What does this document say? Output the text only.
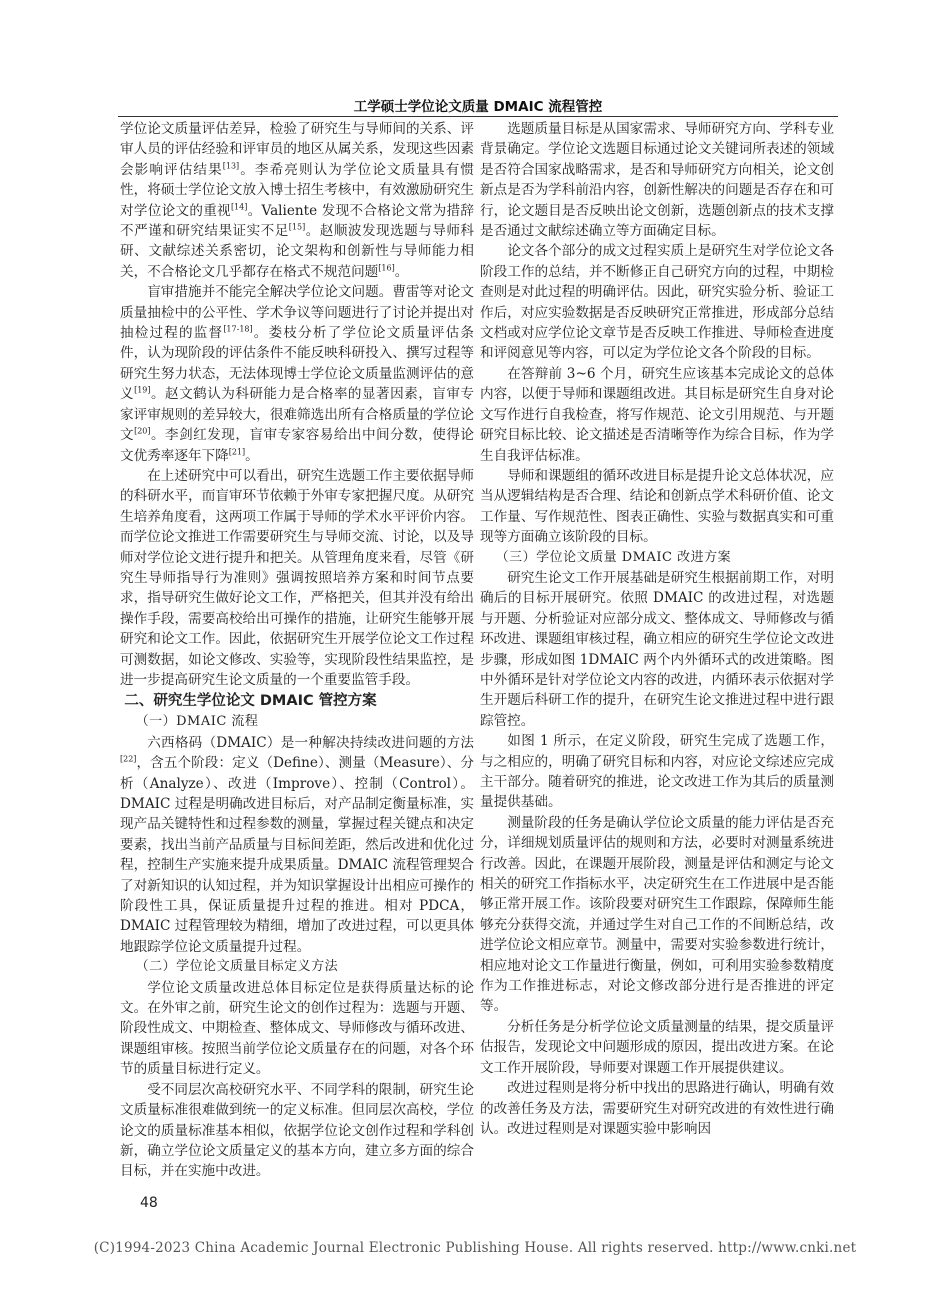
工学硕士学位论文质量 DMAIC 流程管控

学位论文质量评估差异，检验了研究生与导师间的关系、评审人员的评估经验和评审员的地区从属关系，发现这些因素会影响评估结果[13]。李希亮则认为学位论文质量具有惯性，将硕士学位论文放入博士招生考核中，有效激励研究生对学位论文的重视[14]。Valiente 发现不合格论文常为措辞不严谨和研究结果证实不足[15]。赵顺波发现选题与导师科研、文献综述关系密切，论文架构和创新性与导师能力相关，不合格论文几乎都存在格式不规范问题[16]。

盲审措施并不能完全解决学位论文问题。曹雷等对论文质量抽检中的公平性、学术争议等问题进行了讨论并提出对抽检过程的监督[17-18]。娄枝分析了学位论文质量评估条件，认为现阶段的评估条件不能反映科研投入、撰写过程等研究生努力状态，无法体现博士学位论文质量监测评估的意义[19]。赵文鹤认为科研能力是合格率的显著因素，盲审专家评审规则的差异较大，很难筛选出所有合格质量的学位论文[20]。李剑红发现，盲审专家容易给出中间分数，使得论文优秀率逐年下降[21]。

在上述研究中可以看出，研究生选题工作主要依据导师的科研水平，而盲审环节依赖于外审专家把握尺度。从研究生培养角度看，这两项工作属于导师的学术水平评价内容。而学位论文推进工作需要研究生与导师交流、讨论，以及导师对学位论文进行提升和把关。从管理角度来看，尽管《研究生导师指导行为准则》强调按照培养方案和时间节点要求，指导研究生做好论文工作，严格把关，但其并没有给出操作手段，需要高校给出可操作的措施，让研究生能够开展研究和论文工作。因此，依据研究生开展学位论文工作过程可测数据，如论文修改、实验等，实现阶段性结果监控，是进一步提高研究生论文质量的一个重要监管手段。

二、研究生学位论文 DMAIC 管控方案
（一）DMAIC 流程

六西格码（DMAIC）是一种解决持续改进问题的方法[22]，含五个阶段：定义（Define）、测量（Measure）、分析（Analyze）、改进（Improve）、控制（Control）。DMAIC 过程是明确改进目标后，对产品制定衡量标准，实现产品关键特性和过程参数的测量，掌握过程关键点和决定要素，找出当前产品质量与目标间差距，然后改进和优化过程，控制生产实施来提升成果质量。DMAIC 流程管理契合了对新知识的认知过程，并为知识掌握设计出相应可操作的阶段性工具，保证质量提升过程的推进。相对 PDCA，DMAIC 过程管理较为精细，增加了改进过程，可以更具体地跟踪学位论文质量提升过程。

（二）学位论文质量目标定义方法

学位论文质量改进总体目标定位是获得质量达标的论文。在外审之前，研究生论文的创作过程为：选题与开题、阶段性成文、中期检查、整体成文、导师修改与循环改进、课题组审核。按照当前学位论文质量存在的问题，对各个环节的质量目标进行定义。

受不同层次高校研究水平、不同学科的限制，研究生论文质量标准很难做到统一的定义标准。但同层次高校，学位论文的质量标准基本相似，依据学位论文创作过程和学科创新，确立学位论文质量定义的基本方向，建立多方面的综合目标，并在实施中改进。

选题质量目标是从国家需求、导师研究方向、学科专业背景确定。学位论文选题目标通过论文关键词所表述的领域是否符合国家战略需求，是否和导师研究方向相关，论文创新点是否为学科前沿内容，创新性解决的问题是否存在和可行，论文题目是否反映出论文创新，选题创新点的技术支撑是否通过文献综述确立等方面确定目标。

论文各个部分的成文过程实质上是研究生对学位论文各阶段工作的总结，并不断修正自己研究方向的过程，中期检查则是对此过程的明确评估。因此，研究实验分析、验证工作后，对应实验数据是否反映研究正常推进，形成部分总结文档或对应学位论文章节是否反映工作推进、导师检查进度和评阅意见等内容，可以定为学位论文各个阶段的目标。

在答辩前 3~6 个月，研究生应该基本完成论文的总体内容，以便于导师和课题组改进。其目标是研究生自身对论文写作进行自我检查，将写作规范、论文引用规范、与开题研究目标比较、论文描述是否清晰等作为综合目标，作为学生自我评估标准。

导师和课题组的循环改进目标是提升论文总体状况，应当从逻辑结构是否合理、结论和创新点学术科研价值、论文工作量、写作规范性、图表正确性、实验与数据真实和可重现等方面确立该阶段的目标。

（三）学位论文质量 DMAIC 改进方案

研究生论文工作开展基础是研究生根据前期工作，对明确后的目标开展研究。依照 DMAIC 的改进过程，对选题与开题、分析验证对应部分成文、整体成文、导师修改与循环改进、课题组审核过程，确立相应的研究生学位论文改进步骤，形成如图 1DMAIC 两个内外循环式的改进策略。图中外循环是针对学位论文内容的改进，内循环表示依据对学生开题后科研工作的提升，在研究生论文推进过程中进行跟踪管控。

如图 1 所示，在定义阶段，研究生完成了选题工作，与之相应的，明确了研究目标和内容，对应论文综述应完成主干部分。随着研究的推进，论文改进工作为其后的质量测量提供基础。

测量阶段的任务是确认学位论文质量的能力评估是否充分，详细规划质量评估的规则和方法，必要时对测量系统进行改善。因此，在课题开展阶段，测量是评估和测定与论文相关的研究工作指标水平，决定研究生在工作进展中是否能够正常开展工作。该阶段要对研究生工作跟踪，保障师生能够充分获得交流，并通过学生对自己工作的不间断总结，改进学位论文相应章节。测量中，需要对实验参数进行统计，相应地对论文工作量进行衡量，例如，可利用实验参数精度作为工作推进标志，对论文修改部分进行是否推进的评定等。

分析任务是分析学位论文质量测量的结果，提交质量评估报告，发现论文中问题形成的原因，提出改进方案。在论文工作开展阶段，导师要对课题工作开展提供建议。

改进过程则是将分析中找出的思路进行确认，明确有效的改善任务及方法，需要研究生对研究改进的有效性进行确认。改进过程则是对课题实验中影响因

48
(C)1994-2023 China Academic Journal Electronic Publishing House. All rights reserved. http://www.cnki.net
